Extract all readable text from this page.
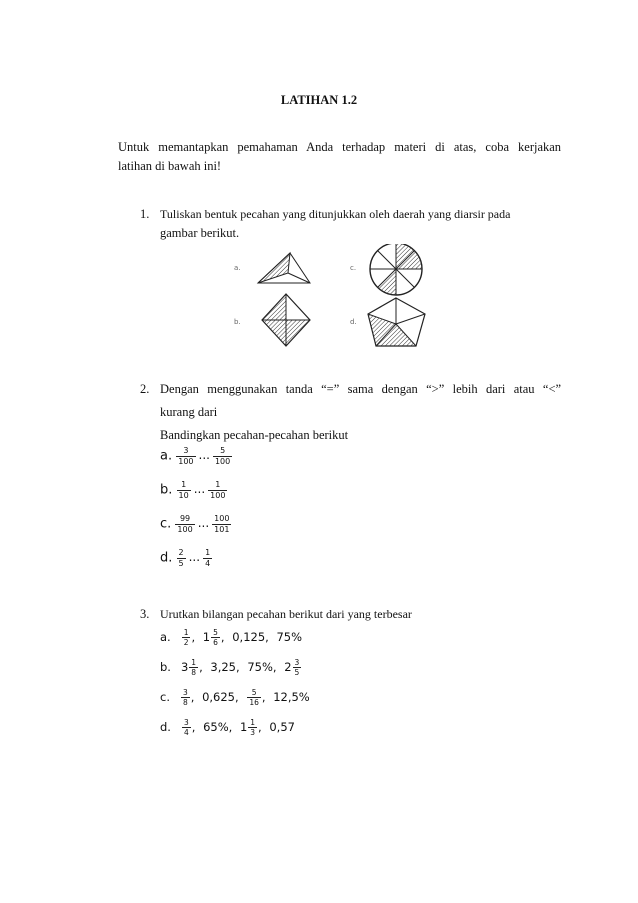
LATIHAN 1.2
Untuk memantapkan pemahaman Anda terhadap materi di atas, coba kerjakan
latihan di bawah ini!
1. Tuliskan bentuk pecahan yang ditunjukkan oleh daerah yang diarsir pada
gambar berikut.
a.
b.
c.
d.
2. Dengan menggunakan tanda “=” sama dengan “>” lebih dari atau “<”
kurang dari
Bandingkan pecahan-pecahan berikut
a. $\frac{3}{100}$ ... $\frac{5}{100}$
b. $\frac{1}{10}$ ... $\frac{1}{100}$
c. $\frac{99}{100}$ ... $\frac{100}{101}$
d. $\frac{2}{5}$ ... $\frac{1}{4}$
3. Urutkan bilangan pecahan berikut dari yang terbesar
a. $\frac{1}{2}$ , $1 \frac{5}{6}$ , 0,125, 75%
b. $3 \frac{1}{8}$ , 3,25, 75%, $2 \frac{3}{5}$
c. $\frac{3}{8}$ , 0,625, $\frac{5}{16}$ , 12,5%
d. $\frac{3}{4}$ , 65%, $1 \frac{1}{3}$ , 0,57
